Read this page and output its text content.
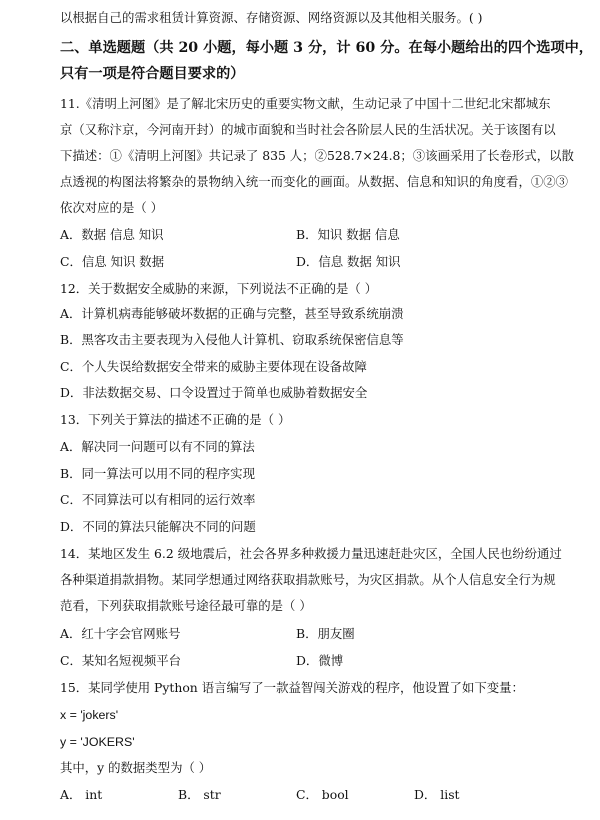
以根据自己的需求租赁计算资源、存储资源、网络资源以及其他相关服务。( )
二、单选题题（共 20 小题，每小题 3 分，计 60 分。在每小题给出的四个选项中，
只有一项是符合题目要求的）
11.《清明上河图》是了解北宋历史的重要实物文献，生动记录了中国十二世纪北宋都城东
京（又称汴京，今河南开封）的城市面貌和当时社会各阶层人民的生活状况。关于该图有以
下描述：①《清明上河图》共记录了 835 人；②528.7×24.8；③该画采用了长卷形式，以散
点透视的构图法将繁杂的景物纳入统一而变化的画面。从数据、信息和知识的角度看，①②③
依次对应的是（ ）
A．数据 信息 知识	B．知识 数据 信息
C．信息 知识 数据	D．信息 数据 知识
12．关于数据安全威胁的来源，下列说法不正确的是（ ）
A．计算机病毒能够破坏数据的正确与完整，甚至导致系统崩溃
B．黑客攻击主要表现为入侵他人计算机、窃取系统保密信息等
C．个人失误给数据安全带来的威胁主要体现在设备故障
D．非法数据交易、口令设置过于简单也威胁着数据安全
13．下列关于算法的描述不正确的是（ ）
A．解决同一问题可以有不同的算法
B．同一算法可以用不同的程序实现
C．不同算法可以有相同的运行效率
D．不同的算法只能解决不同的问题
14．某地区发生 6.2 级地震后，社会各界多种救援力量迅速赶赴灾区，全国人民也纷纷通过
各种渠道捐款捐物。某同学想通过网络获取捐款账号，为灾区捐款。从个人信息安全行为规
范看，下列获取捐款账号途径最可靠的是（ ）
A．红十字会官网账号	B．朋友圈
C．某知名短视频平台	D．微博
15．某同学使用 Python 语言编写了一款益智闯关游戏的程序，他设置了如下变量：
x = 'jokers'
y = 'JOKERS'
其中，y 的数据类型为（ ）
A． int	B． str	C． bool	D． list
